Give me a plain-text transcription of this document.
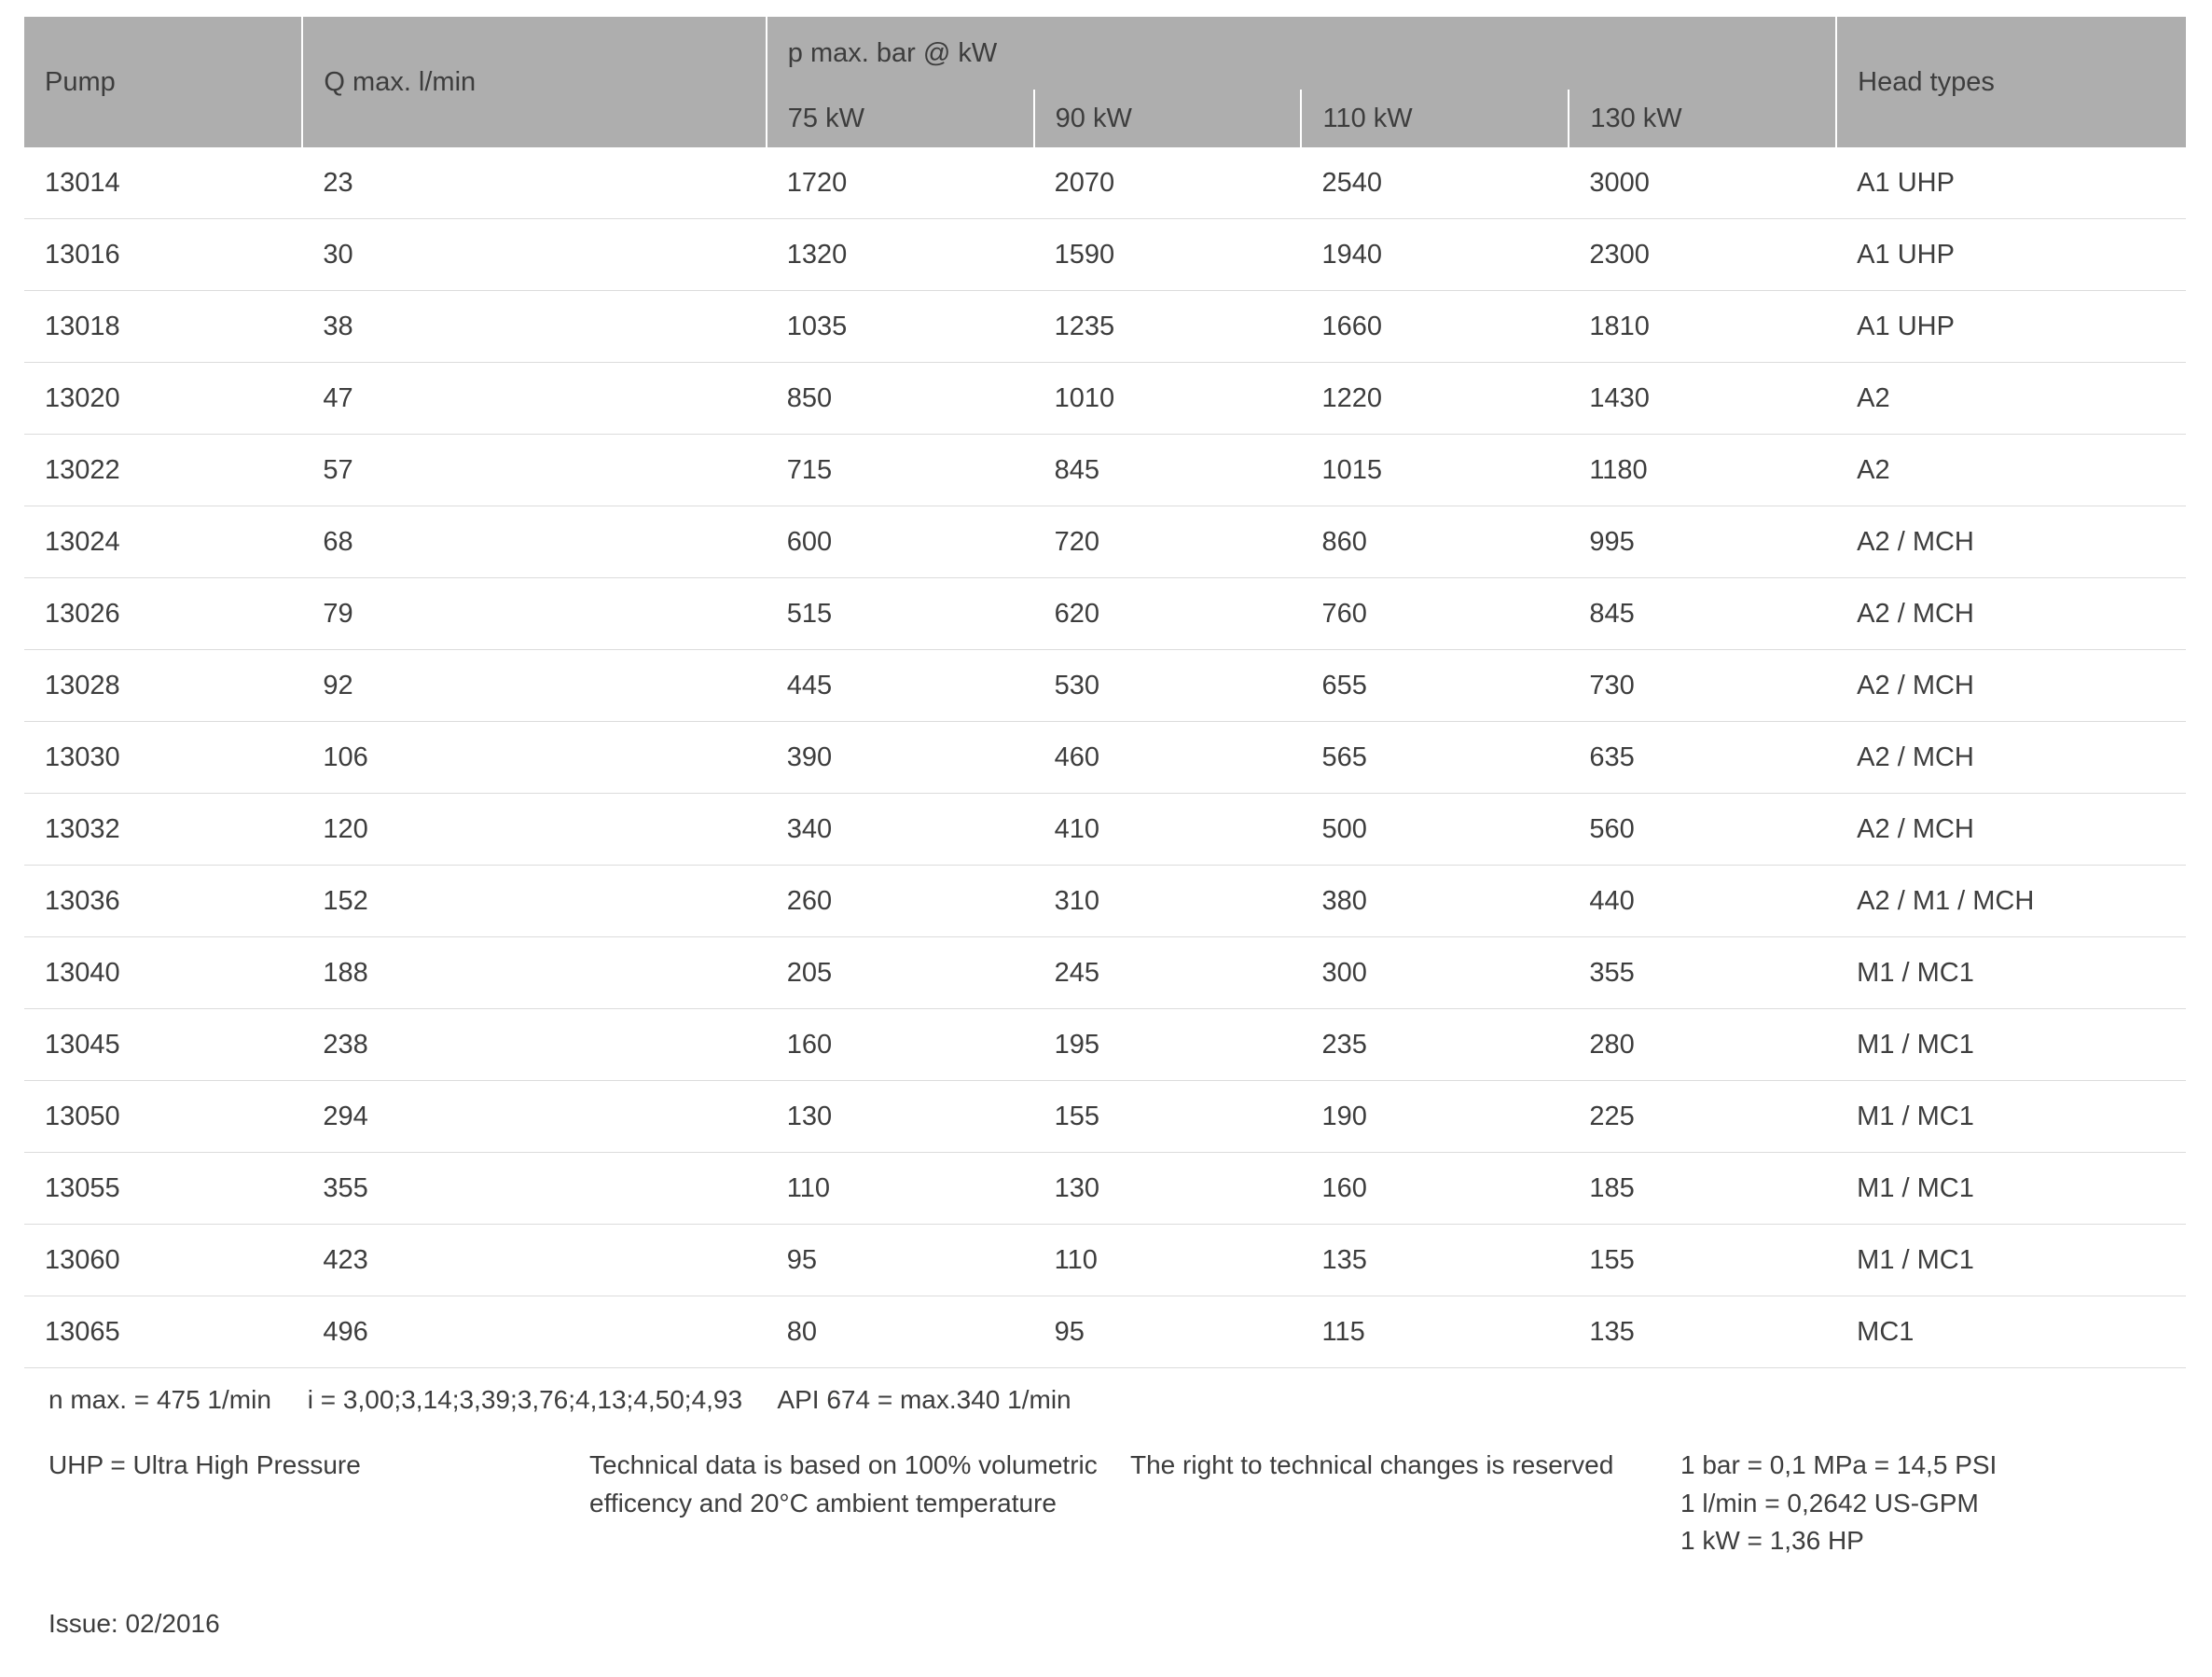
Pump	Q max. l/min	p max. bar @ kW				Head types
		75 kW	90 kW	110 kW	130 kW	
13014	23	1720	2070	2540	3000	A1 UHP
13016	30	1320	1590	1940	2300	A1 UHP
13018	38	1035	1235	1660	1810	A1 UHP
13020	47	850	1010	1220	1430	A2
13022	57	715	845	1015	1180	A2
13024	68	600	720	860	995	A2 / MCH
13026	79	515	620	760	845	A2 / MCH
13028	92	445	530	655	730	A2 / MCH
13030	106	390	460	565	635	A2 / MCH
13032	120	340	410	500	560	A2 / MCH
13036	152	260	310	380	440	A2 / M1 / MCH
13040	188	205	245	300	355	M1 / MC1
13045	238	160	195	235	280	M1 / MC1
13050	294	130	155	190	225	M1 / MC1
13055	355	110	130	160	185	M1 / MC1
13060	423	95	110	135	155	M1 / MC1
13065	496	80	95	115	135	MC1
n max. = 475 1/min     i = 3,00;3,14;3,39;3,76;4,13;4,50;4,93     API 674 = max.340 1/min
UHP = Ultra High Pressure	Technical data is based on 100% volumetric efficency and 20°C ambient temperature
The right to technical changes is reserved	1 bar = 0,1 MPa = 14,5 PSI
1 l/min = 0,2642 US-GPM
1 kW = 1,36 HP
Issue: 02/2016
